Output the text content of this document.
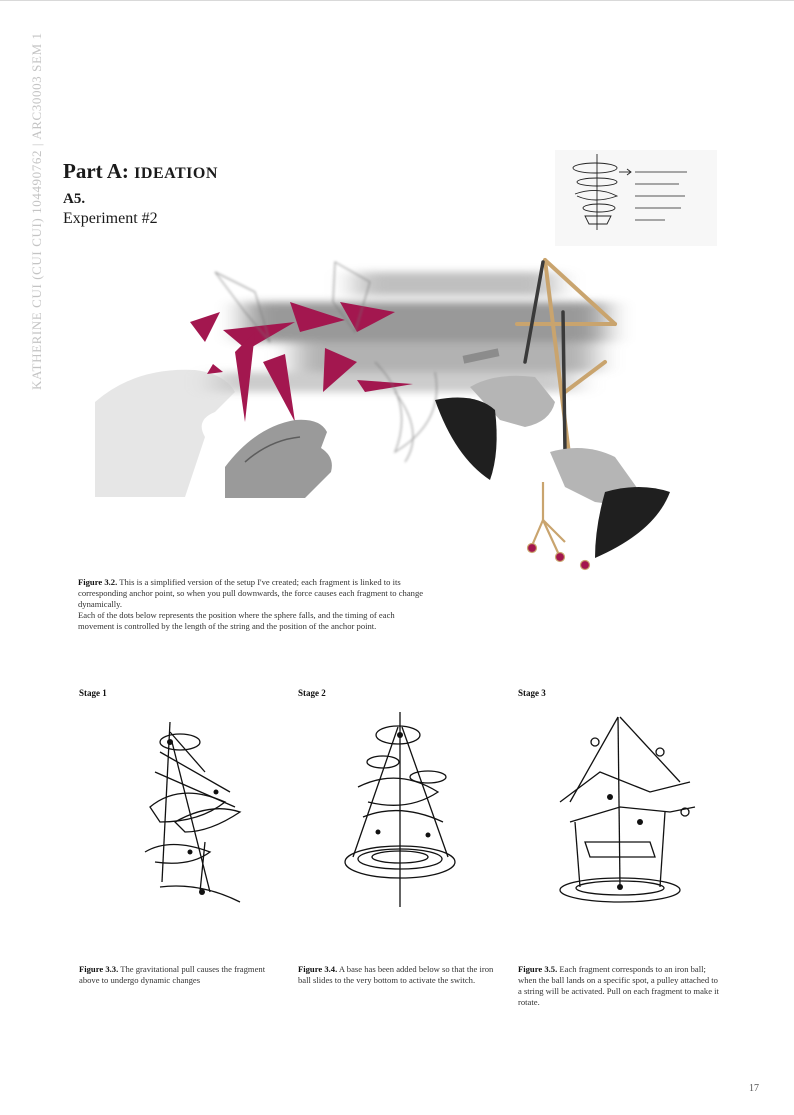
KATHERINE CUI (CUI CUI) 104490762 | ARC30003 SEM 1 Part A: IDEATION
A5.
Experiment #2
Figure 3.2. This is a simplified version of the setup I've created; each fragment is linked to its corresponding anchor point, so when you pull downwards, the force causes each fragment to change dynamically.
Each of the dots below represents the position where the sphere falls, and the timing of each movement is controlled by the length of the string and the position of the anchor point.
Stage 1	Stage 2	Stage 3
Figure 3.3. The gravitational pull causes the fragment above to undergo dynamic changes
Figure 3.4. A base has been added below so that the iron ball slides to the very bottom to activate the switch.
Figure 3.5. Each fragment corresponds to an iron ball; when the ball lands on a specific spot, a pulley attached to a string will be activated. Pull on each fragment to make it rotate.
17
